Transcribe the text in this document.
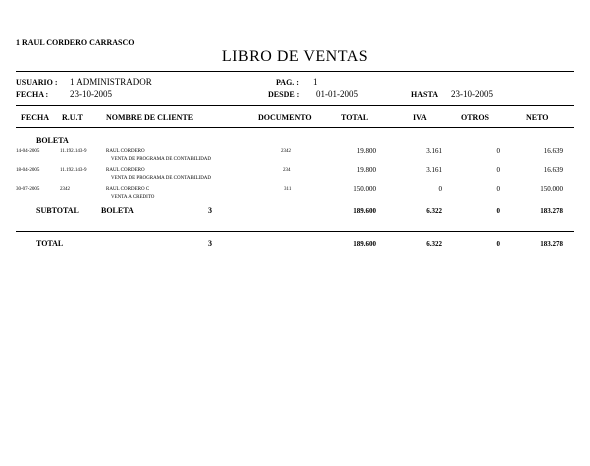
1 RAUL CORDERO CARRASCO
LIBRO DE VENTAS
USUARIO : 1 ADMINISTRADOR	PAG. : 1
FECHA : 23-10-2005	DESDE : 01-01-2005	HASTA 23-10-2005
FECHA R.U.T	NOMBRE DE CLIENTE	DOCUMENTO	TOTAL	IVA	OTROS	NETO
BOLETA
14-04-2005	11.192.143-9	RAUL CORDERO	2342	19.800	3.161	0	16.639
VENTA DE PROGRAMA DE CONTABILIDAD
18-04-2005	11.192.143-9	RAUL CORDERO	234	19.800	3.161	0	16.639
VENTA DE PROGRAMA DE CONTABILIDAD
30-07-2005	2342	RAUL CORDERO C	311	150.000	0	0	150.000
VENTA A CREDITO
SUBTOTAL	BOLETA	3	189.600	6.322	0	183.278
TOTAL	3	189.600	6.322	0	183.278
